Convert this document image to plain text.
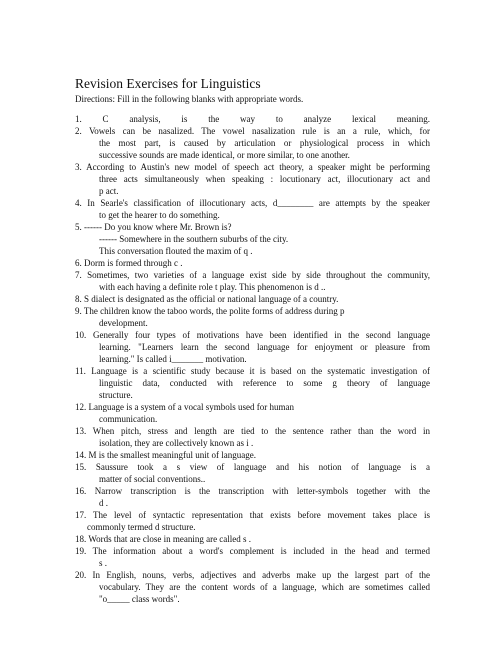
Revision Exercises for Linguistics
Directions: Fill in the following blanks with appropriate words.
1. C analysis, is the way to analyze lexical meaning.
2. Vowels can be nasalized. The vowel nasalization rule is an a rule, which, for
the most part, is caused by articulation or physiological process in which
successive sounds are made identical, or more similar, to one another.
3. According to Austin's new model of speech act theory, a speaker might be performing
three acts simultaneously when speaking : locutionary act, illocutionary act and
p act.
4. In Searle's classification of illocutionary acts, d________ are attempts by the speaker
to get the hearer to do something.
5. ------ Do you know where Mr. Brown is?
------ Somewhere in the southern suburbs of the city.
This conversation flouted the maxim of q .
6. Dorm is formed through c .
7. Sometimes, two varieties of a language exist side by side throughout the community,
with each having a definite role t play. This phenomenon is d ..
8. S dialect is designated as the official or national language of a country.
9. The children know the taboo words, the polite forms of address during p
development.
10. Generally four types of motivations have been identified in the second language
learning. "Learners learn the second language for enjoyment or pleasure from
learning." Is called i_______ motivation.
11. Language is a scientific study because it is based on the systematic investigation of
linguistic data, conducted with reference to some g theory of language
structure.
12. Language is a system of a vocal symbols used for human
communication.
13. When pitch, stress and length are tied to the sentence rather than the word in
isolation, they are collectively known as i .
14. M is the smallest meaningful unit of language.
15. Saussure took a s view of language and his notion of language is a
matter of social conventions..
16. Narrow transcription is the transcription with letter-symbols together with the
d .
17. The level of syntactic representation that exists before movement takes place is
commonly termed d structure.
18. Words that are close in meaning are called s .
19. The information about a word's complement is included in the head and termed
s .
20. In English, nouns, verbs, adjectives and adverbs make up the largest part of the
vocabulary. They are the content words of a language, which are sometimes called
"o_____ class words".
